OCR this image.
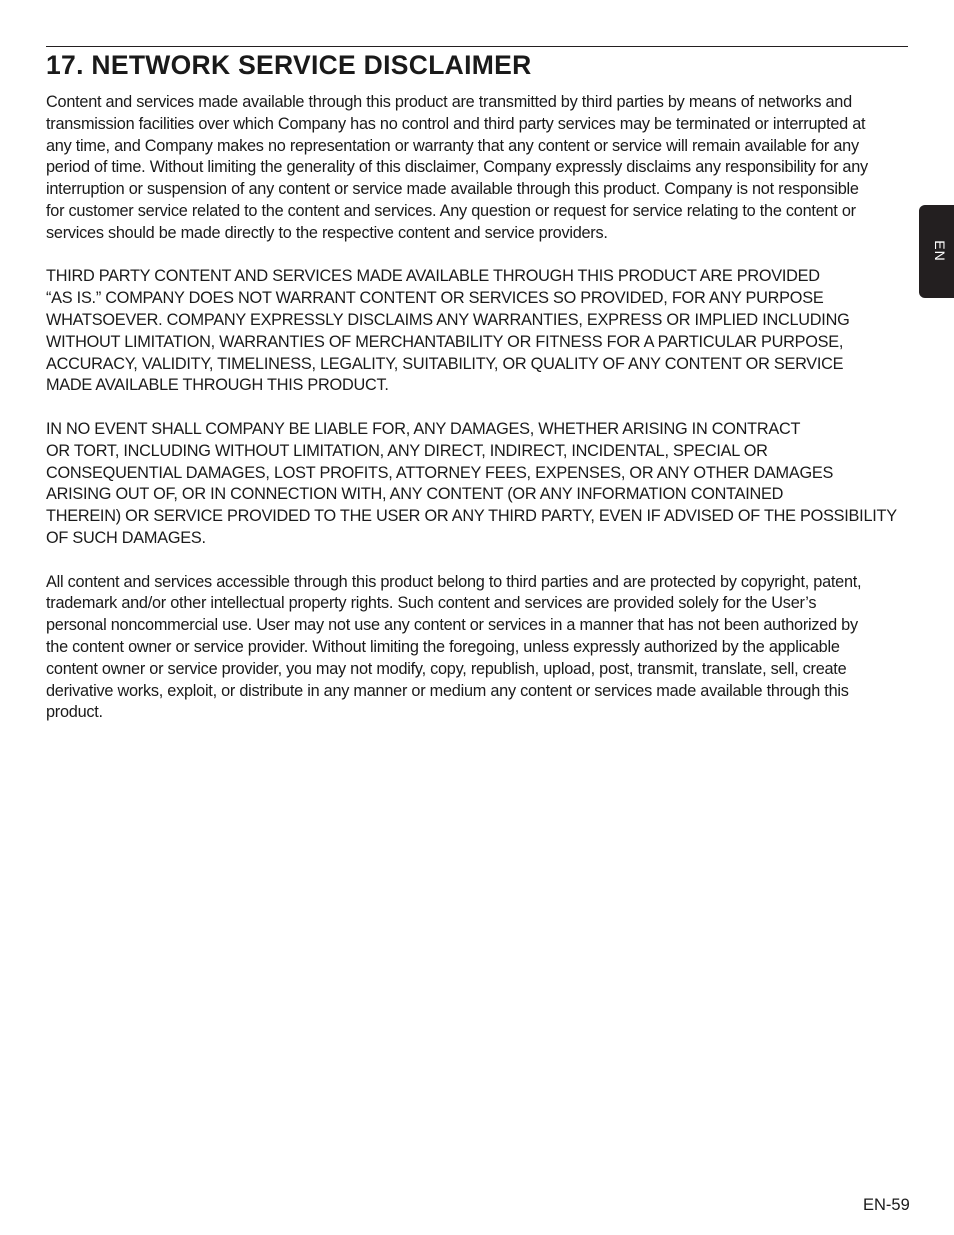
17. NETWORK SERVICE DISCLAIMER

Content and services made available through this product are transmitted by third parties by means of networks and
transmission facilities over which Company has no control and third party services may be terminated or interrupted at
any time, and Company makes no representation or warranty that any content or service will remain available for any
period of time. Without limiting the generality of this disclaimer, Company expressly disclaims any responsibility for any
interruption or suspension of any content or service made available through this product. Company is not responsible
for customer service related to the content and services. Any question or request for service relating to the content or
services should be made directly to the respective content and service providers.

THIRD PARTY CONTENT AND SERVICES MADE AVAILABLE THROUGH THIS PRODUCT ARE PROVIDED
“AS IS.” COMPANY DOES NOT WARRANT CONTENT OR SERVICES SO PROVIDED, FOR ANY PURPOSE
WHATSOEVER. COMPANY EXPRESSLY DISCLAIMS ANY WARRANTIES, EXPRESS OR IMPLIED INCLUDING
WITHOUT LIMITATION, WARRANTIES OF MERCHANTABILITY OR FITNESS FOR A PARTICULAR PURPOSE,
ACCURACY, VALIDITY, TIMELINESS, LEGALITY, SUITABILITY, OR QUALITY OF ANY CONTENT OR SERVICE
MADE AVAILABLE THROUGH THIS PRODUCT.

IN NO EVENT SHALL COMPANY BE LIABLE FOR, ANY DAMAGES, WHETHER ARISING IN CONTRACT
OR TORT, INCLUDING WITHOUT LIMITATION, ANY DIRECT, INDIRECT, INCIDENTAL, SPECIAL OR
CONSEQUENTIAL DAMAGES, LOST PROFITS, ATTORNEY FEES, EXPENSES, OR ANY OTHER DAMAGES
ARISING OUT OF, OR IN CONNECTION WITH, ANY CONTENT (OR ANY INFORMATION CONTAINED
THEREIN) OR SERVICE PROVIDED TO THE USER OR ANY THIRD PARTY, EVEN IF ADVISED OF THE POSSIBILITY
OF SUCH DAMAGES.

All content and services accessible through this product belong to third parties and are protected by copyright, patent,
trademark and/or other intellectual property rights. Such content and services are provided solely for the User’s
personal noncommercial use. User may not use any content or services in a manner that has not been authorized by
the content owner or service provider. Without limiting the foregoing, unless expressly authorized by the applicable
content owner or service provider, you may not modify, copy, republish, upload, post, transmit, translate, sell, create
derivative works, exploit, or distribute in any manner or medium any content or services made available through this
product.

EN
EN-59
